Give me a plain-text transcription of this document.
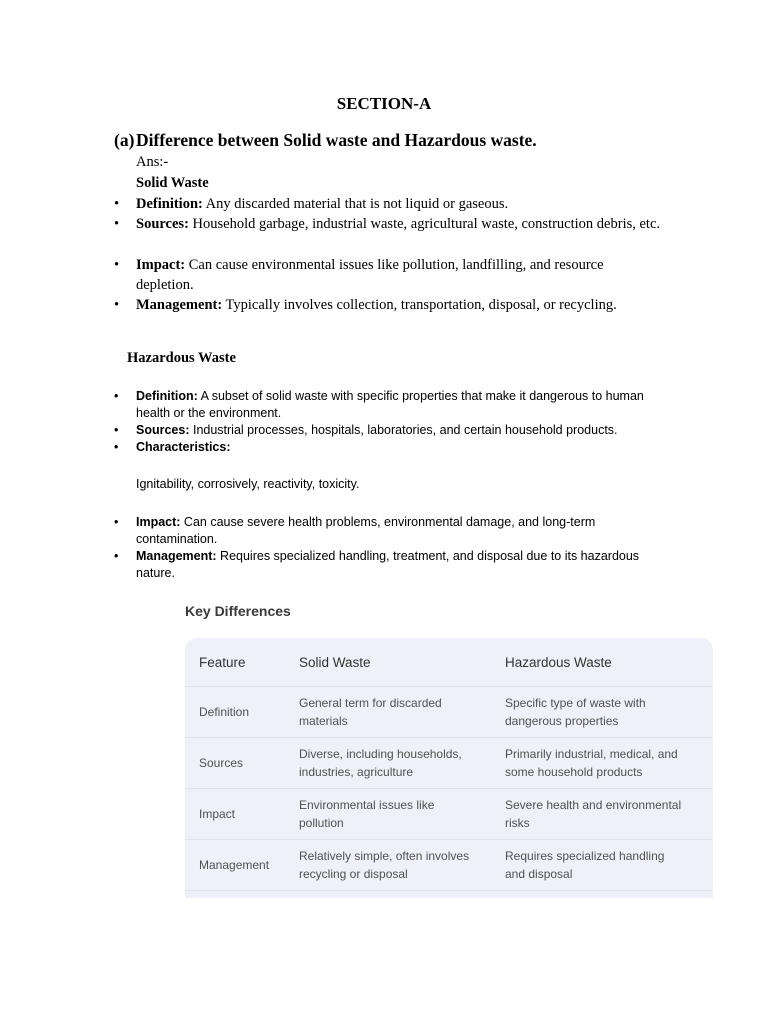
SECTION-A
(a)Difference between Solid waste and Hazardous waste.
Ans:-
Solid Waste
• Definition: Any discarded material that is not liquid or gaseous.
• Sources: Household garbage, industrial waste, agricultural waste, construction debris, etc.
• Impact: Can cause environmental issues like pollution, landfilling, and resource depletion.
• Management: Typically involves collection, transportation, disposal, or recycling.
Hazardous Waste
• Definition: A subset of solid waste with specific properties that make it dangerous to human health or the environment.
• Sources: Industrial processes, hospitals, laboratories, and certain household products.
• Characteristics:
Ignitability, corrosively, reactivity, toxicity.
• Impact: Can cause severe health problems, environmental damage, and long-term contamination.
• Management: Requires specialized handling, treatment, and disposal due to its hazardous nature.
Key Differences
Feature	Solid Waste	Hazardous Waste
Definition	General term for discarded materials	Specific type of waste with dangerous properties

Sources	Diverse, including households, industries, agriculture	Primarily industrial, medical, and some household products

Impact	Environmental issues like pollution	Severe health and environmental risks

Management	Relatively simple, often involves recycling or disposal	Requires specialized handling and disposal
